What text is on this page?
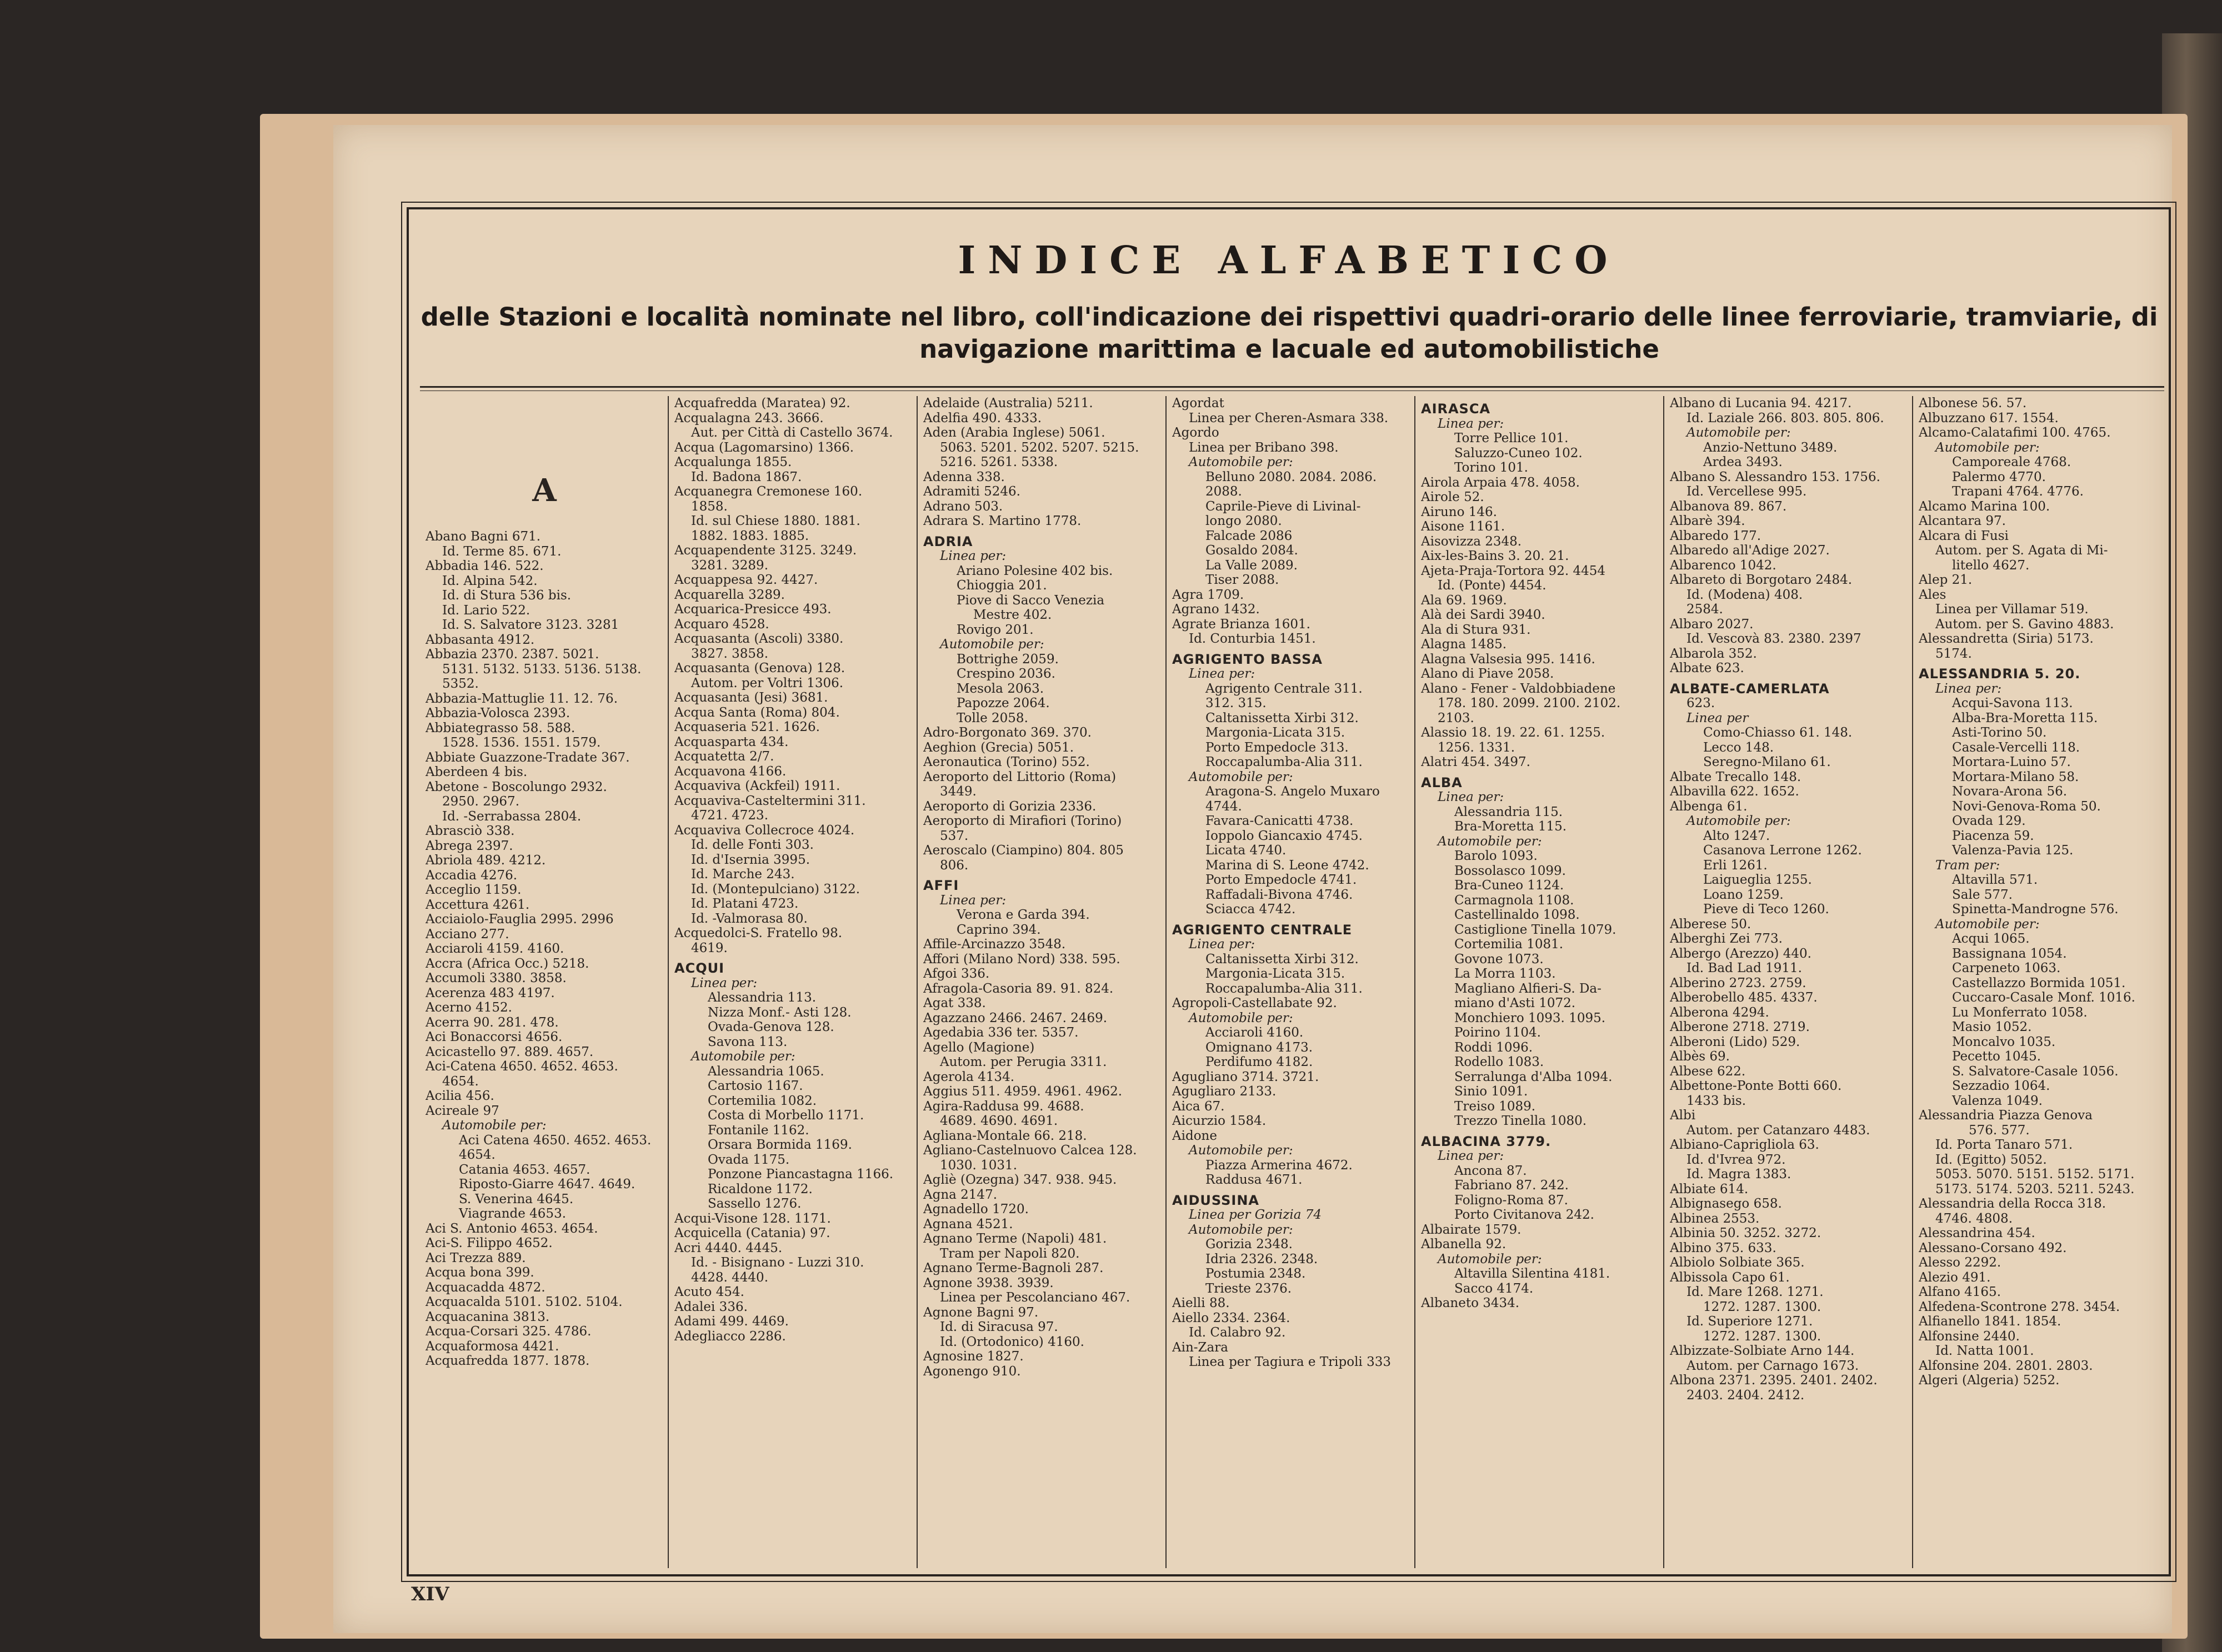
INDICE ALFABETICO
delle Stazioni e località nominate nel libro, coll'indicazione dei rispettivi quadri-orario delle linee ferroviarie, tramviarie, di navigazione marittima e lacuale ed automobilistiche
A
Abano Bagni 671.
Id. Terme 85. 671.
Abbadia 146. 522.
Id. Alpina 542.
Id. di Stura 536 bis.
Id. Lario 522.
Id. S. Salvatore 3123. 3281
Abbasanta 4912.
Abbazia 2370. 2387. 5021.
5131. 5132. 5133. 5136. 5138.
5352.
Abbazia-Mattuglie 11. 12. 76.
Abbazia-Volosca 2393.
Abbiategrasso 58. 588.
1528. 1536. 1551. 1579.
Abbiate Guazzone-Tradate 367.
Aberdeen 4 bis.
Abetone - Boscolungo 2932.
2950. 2967.
Id. -Serrabassa 2804.
Abrasciò 338.
Abrega 2397.
Abriola 489. 4212.
Accadia 4276.
Acceglio 1159.
Accettura 4261.
Acciaiolo-Fauglia 2995. 2996
Acciano 277.
Acciaroli 4159. 4160.
Accra (Africa Occ.) 5218.
Accumoli 3380. 3858.
Acerenza 483 4197.
Acerno 4152.
Acerra 90. 281. 478.
Aci Bonaccorsi 4656.
Acicastello 97. 889. 4657.
Aci-Catena 4650. 4652. 4653.
4654.
Acilia 456.
Acireale 97
Automobile per:
Aci Catena 4650. 4652. 4653.
4654.
Catania 4653. 4657.
Riposto-Giarre 4647. 4649.
S. Venerina 4645.
Viagrande 4653.
Aci S. Antonio 4653. 4654.
Aci-S. Filippo 4652.
Aci Trezza 889.
Acqua bona 399.
Acquacadda 4872.
Acquacalda 5101. 5102. 5104.
Acquacanina 3813.
Acqua-Corsari 325. 4786.
Acquaformosa 4421.
Acquafredda 1877. 1878.
Acquafredda (Maratea) 92.
Acqualagna 243. 3666.
Aut. per Città di Castello 3674.
Acqua (Lagomarsino) 1366.
Acqualunga 1855.
Id. Badona 1867.
Acquanegra Cremonese 160.
1858.
Id. sul Chiese 1880. 1881.
1882. 1883. 1885.
Acquapendente 3125. 3249.
3281. 3289.
Acquappesa 92. 4427.
Acquarella 3289.
Acquarica-Presicce 493.
Acquaro 4528.
Acquasanta (Ascoli) 3380.
3827. 3858.
Acquasanta (Genova) 128.
Autom. per Voltri 1306.
Acquasanta (Jesi) 3681.
Acqua Santa (Roma) 804.
Acquaseria 521. 1626.
Acquasparta 434.
Acquatetta 2/7.
Acquavona 4166.
Acquaviva (Ackfeil) 1911.
Acquaviva-Casteltermini 311.
4721. 4723.
Acquaviva Collecroce 4024.
Id. delle Fonti 303.
Id. d'Isernia 3995.
Id. Marche 243.
Id. (Montepulciano) 3122.
Id. Platani 4723.
Id. -Valmorasa 80.
Acquedolci-S. Fratello 98.
4619.
ACQUI
Linea per:
Alessandria 113.
Nizza Monf.- Asti 128.
Ovada-Genova 128.
Savona 113.
Automobile per:
Alessandria 1065.
Cartosio 1167.
Cortemilia 1082.
Costa di Morbello 1171.
Fontanile 1162.
Orsara Bormida 1169.
Ovada 1175.
Ponzone Piancastagna 1166.
Ricaldone 1172.
Sassello 1276.
Acqui-Visone 128. 1171.
Acquicella (Catania) 97.
Acri 4440. 4445.
Id. - Bisignano - Luzzi 310.
4428. 4440.
Acuto 454.
Adalei 336.
Adami 499. 4469.
Adegliacco 2286.
Adelaide (Australia) 5211.
Adelfia 490. 4333.
Aden (Arabia Inglese) 5061.
5063. 5201. 5202. 5207. 5215.
5216. 5261. 5338.
Adenna 338.
Adramiti 5246.
Adrano 503.
Adrara S. Martino 1778.
ADRIA
Linea per:
Ariano Polesine 402 bis.
Chioggia 201.
Piove di Sacco Venezia
Mestre 402.
Rovigo 201.
Automobile per:
Bottrighe 2059.
Crespino 2036.
Mesola 2063.
Papozze 2064.
Tolle 2058.
Adro-Borgonato 369. 370.
Aeghion (Grecia) 5051.
Aeronautica (Torino) 552.
Aeroporto del Littorio (Roma)
3449.
Aeroporto di Gorizia 2336.
Aeroporto di Mirafiori (Torino)
537.
Aeroscalo (Ciampino) 804. 805
806.
AFFI
Linea per:
Verona e Garda 394.
Caprino 394.
Affile-Arcinazzo 3548.
Affori (Milano Nord) 338. 595.
Afgoi 336.
Afragola-Casoria 89. 91. 824.
Agat 338.
Agazzano 2466. 2467. 2469.
Agedabia 336 ter. 5357.
Agello (Magione)
Autom. per Perugia 3311.
Agerola 4134.
Aggius 511. 4959. 4961. 4962.
Agira-Raddusa 99. 4688.
4689. 4690. 4691.
Agliana-Montale 66. 218.
Agliano-Castelnuovo Calcea 128.
1030. 1031.
Agliè (Ozegna) 347. 938. 945.
Agna 2147.
Agnadello 1720.
Agnana 4521.
Agnano Terme (Napoli) 481.
Tram per Napoli 820.
Agnano Terme-Bagnoli 287.
Agnone 3938. 3939.
Linea per Pescolanciano 467.
Agnone Bagni 97.
Id. di Siracusa 97.
Id. (Ortodonico) 4160.
Agnosine 1827.
Agonengo 910.
Agordat
Linea per Cheren-Asmara 338.
Agordo
Linea per Bribano 398.
Automobile per:
Belluno 2080. 2084. 2086.
2088.
Caprile-Pieve di Livinal-
longo 2080.
Falcade 2086
Gosaldo 2084.
La Valle 2089.
Tiser 2088.
Agra 1709.
Agrano 1432.
Agrate Brianza 1601.
Id. Conturbia 1451.
AGRIGENTO BASSA
Linea per:
Agrigento Centrale 311.
312. 315.
Caltanissetta Xirbi 312.
Margonia-Licata 315.
Porto Empedocle 313.
Roccapalumba-Alia 311.
Automobile per:
Aragona-S. Angelo Muxaro
4744.
Favara-Canicatti 4738.
Ioppolo Giancaxio 4745.
Licata 4740.
Marina di S. Leone 4742.
Porto Empedocle 4741.
Raffadali-Bivona 4746.
Sciacca 4742.
AGRIGENTO CENTRALE
Linea per:
Caltanissetta Xirbi 312.
Margonia-Licata 315.
Roccapalumba-Alia 311.
Agropoli-Castellabate 92.
Automobile per:
Acciaroli 4160.
Omignano 4173.
Perdifumo 4182.
Agugliano 3714. 3721.
Agugliaro 2133.
Aica 67.
Aicurzio 1584.
Aidone
Automobile per:
Piazza Armerina 4672.
Raddusa 4671.
AIDUSSINA
Linea per Gorizia 74
Automobile per:
Gorizia 2348.
Idria 2326. 2348.
Postumia 2348.
Trieste 2376.
Aielli 88.
Aiello 2334. 2364.
Id. Calabro 92.
Ain-Zara
Linea per Tagiura e Tripoli 333
AIRASCA
Linea per:
Torre Pellice 101.
Saluzzo-Cuneo 102.
Torino 101.
Airola Arpaia 478. 4058.
Airole 52.
Airuno 146.
Aisone 1161.
Aisovizza 2348.
Aix-les-Bains 3. 20. 21.
Ajeta-Praja-Tortora 92. 4454
Id. (Ponte) 4454.
Ala 69. 1969.
Alà dei Sardi 3940.
Ala di Stura 931.
Alagna 1485.
Alagna Valsesia 995. 1416.
Alano di Piave 2058.
Alano - Fener - Valdobbiadene
178. 180. 2099. 2100. 2102.
2103.
Alassio 18. 19. 22. 61. 1255.
1256. 1331.
Alatri 454. 3497.
ALBA
Linea per:
Alessandria 115.
Bra-Moretta 115.
Automobile per:
Barolo 1093.
Bossolasco 1099.
Bra-Cuneo 1124.
Carmagnola 1108.
Castellinaldo 1098.
Castiglione Tinella 1079.
Cortemilia 1081.
Govone 1073.
La Morra 1103.
Magliano Alfieri-S. Da-
miano d'Asti 1072.
Monchiero 1093. 1095.
Poirino 1104.
Roddi 1096.
Rodello 1083.
Serralunga d'Alba 1094.
Sinio 1091.
Treiso 1089.
Trezzo Tinella 1080.
ALBACINA 3779.
Linea per:
Ancona 87.
Fabriano 87. 242.
Foligno-Roma 87.
Porto Civitanova 242.
Albairate 1579.
Albanella 92.
Automobile per:
Altavilla Silentina 4181.
Sacco 4174.
Albaneto 3434.
Albano di Lucania 94. 4217.
Id. Laziale 266. 803. 805. 806.
Automobile per:
Anzio-Nettuno 3489.
Ardea 3493.
Albano S. Alessandro 153. 1756.
Id. Vercellese 995.
Albanova 89. 867.
Albarè 394.
Albaredo 177.
Albaredo all'Adige 2027.
Albarenco 1042.
Albareto di Borgotaro 2484.
Id. (Modena) 408.
2584.
Albaro 2027.
Id. Vescovà 83. 2380. 2397
Albarola 352.
Albate 623.
ALBATE-CAMERLATA
623.
Linea per
Como-Chiasso 61. 148.
Lecco 148.
Seregno-Milano 61.
Albate Trecallo 148.
Albavilla 622. 1652.
Albenga 61.
Automobile per:
Alto 1247.
Casanova Lerrone 1262.
Erli 1261.
Laigueglia 1255.
Loano 1259.
Pieve di Teco 1260.
Alberese 50.
Alberghi Zei 773.
Albergo (Arezzo) 440.
Id. Bad Lad 1911.
Alberino 2723. 2759.
Alberobello 485. 4337.
Alberona 4294.
Alberone 2718. 2719.
Alberoni (Lido) 529.
Albès 69.
Albese 622.
Albettone-Ponte Botti 660.
1433 bis.
Albi
Autom. per Catanzaro 4483.
Albiano-Caprigliola 63.
Id. d'Ivrea 972.
Id. Magra 1383.
Albiate 614.
Albignasego 658.
Albinea 2553.
Albinia 50. 3252. 3272.
Albino 375. 633.
Albiolo Solbiate 365.
Albissola Capo 61.
Id. Mare 1268. 1271.
1272. 1287. 1300.
Id. Superiore 1271.
1272. 1287. 1300.
Albizzate-Solbiate Arno 144.
Autom. per Carnago 1673.
Albona 2371. 2395. 2401. 2402.
2403. 2404. 2412.
Albonese 56. 57.
Albuzzano 617. 1554.
Alcamo-Calatafimi 100. 4765.
Automobile per:
Camporeale 4768.
Palermo 4770.
Trapani 4764. 4776.
Alcamo Marina 100.
Alcantara 97.
Alcara di Fusi
Autom. per S. Agata di Mi-
litello 4627.
Alep 21.
Ales
Linea per Villamar 519.
Autom. per S. Gavino 4883.
Alessandretta (Siria) 5173.
5174.
ALESSANDRIA 5. 20.
Linea per:
Acqui-Savona 113.
Alba-Bra-Moretta 115.
Asti-Torino 50.
Casale-Vercelli 118.
Mortara-Luino 57.
Mortara-Milano 58.
Novara-Arona 56.
Novi-Genova-Roma 50.
Ovada 129.
Piacenza 59.
Valenza-Pavia 125.
Tram per:
Altavilla 571.
Sale 577.
Spinetta-Mandrogne 576.
Automobile per:
Acqui 1065.
Bassignana 1054.
Carpeneto 1063.
Castellazzo Bormida 1051.
Cuccaro-Casale Monf. 1016.
Lu Monferrato 1058.
Masio 1052.
Moncalvo 1035.
Pecetto 1045.
S. Salvatore-Casale 1056.
Sezzadio 1064.
Valenza 1049.
Alessandria Piazza Genova
576. 577.
Id. Porta Tanaro 571.
Id. (Egitto) 5052.
5053. 5070. 5151. 5152. 5171.
5173. 5174. 5203. 5211. 5243.
Alessandria della Rocca 318.
4746. 4808.
Alessandrina 454.
Alessano-Corsano 492.
Alesso 2292.
Alezio 491.
Alfano 4165.
Alfedena-Scontrone 278. 3454.
Alfianello 1841. 1854.
Alfonsine 2440.
Id. Natta 1001.
Alfonsine 204. 2801. 2803.
Algeri (Algeria) 5252.
XIV
